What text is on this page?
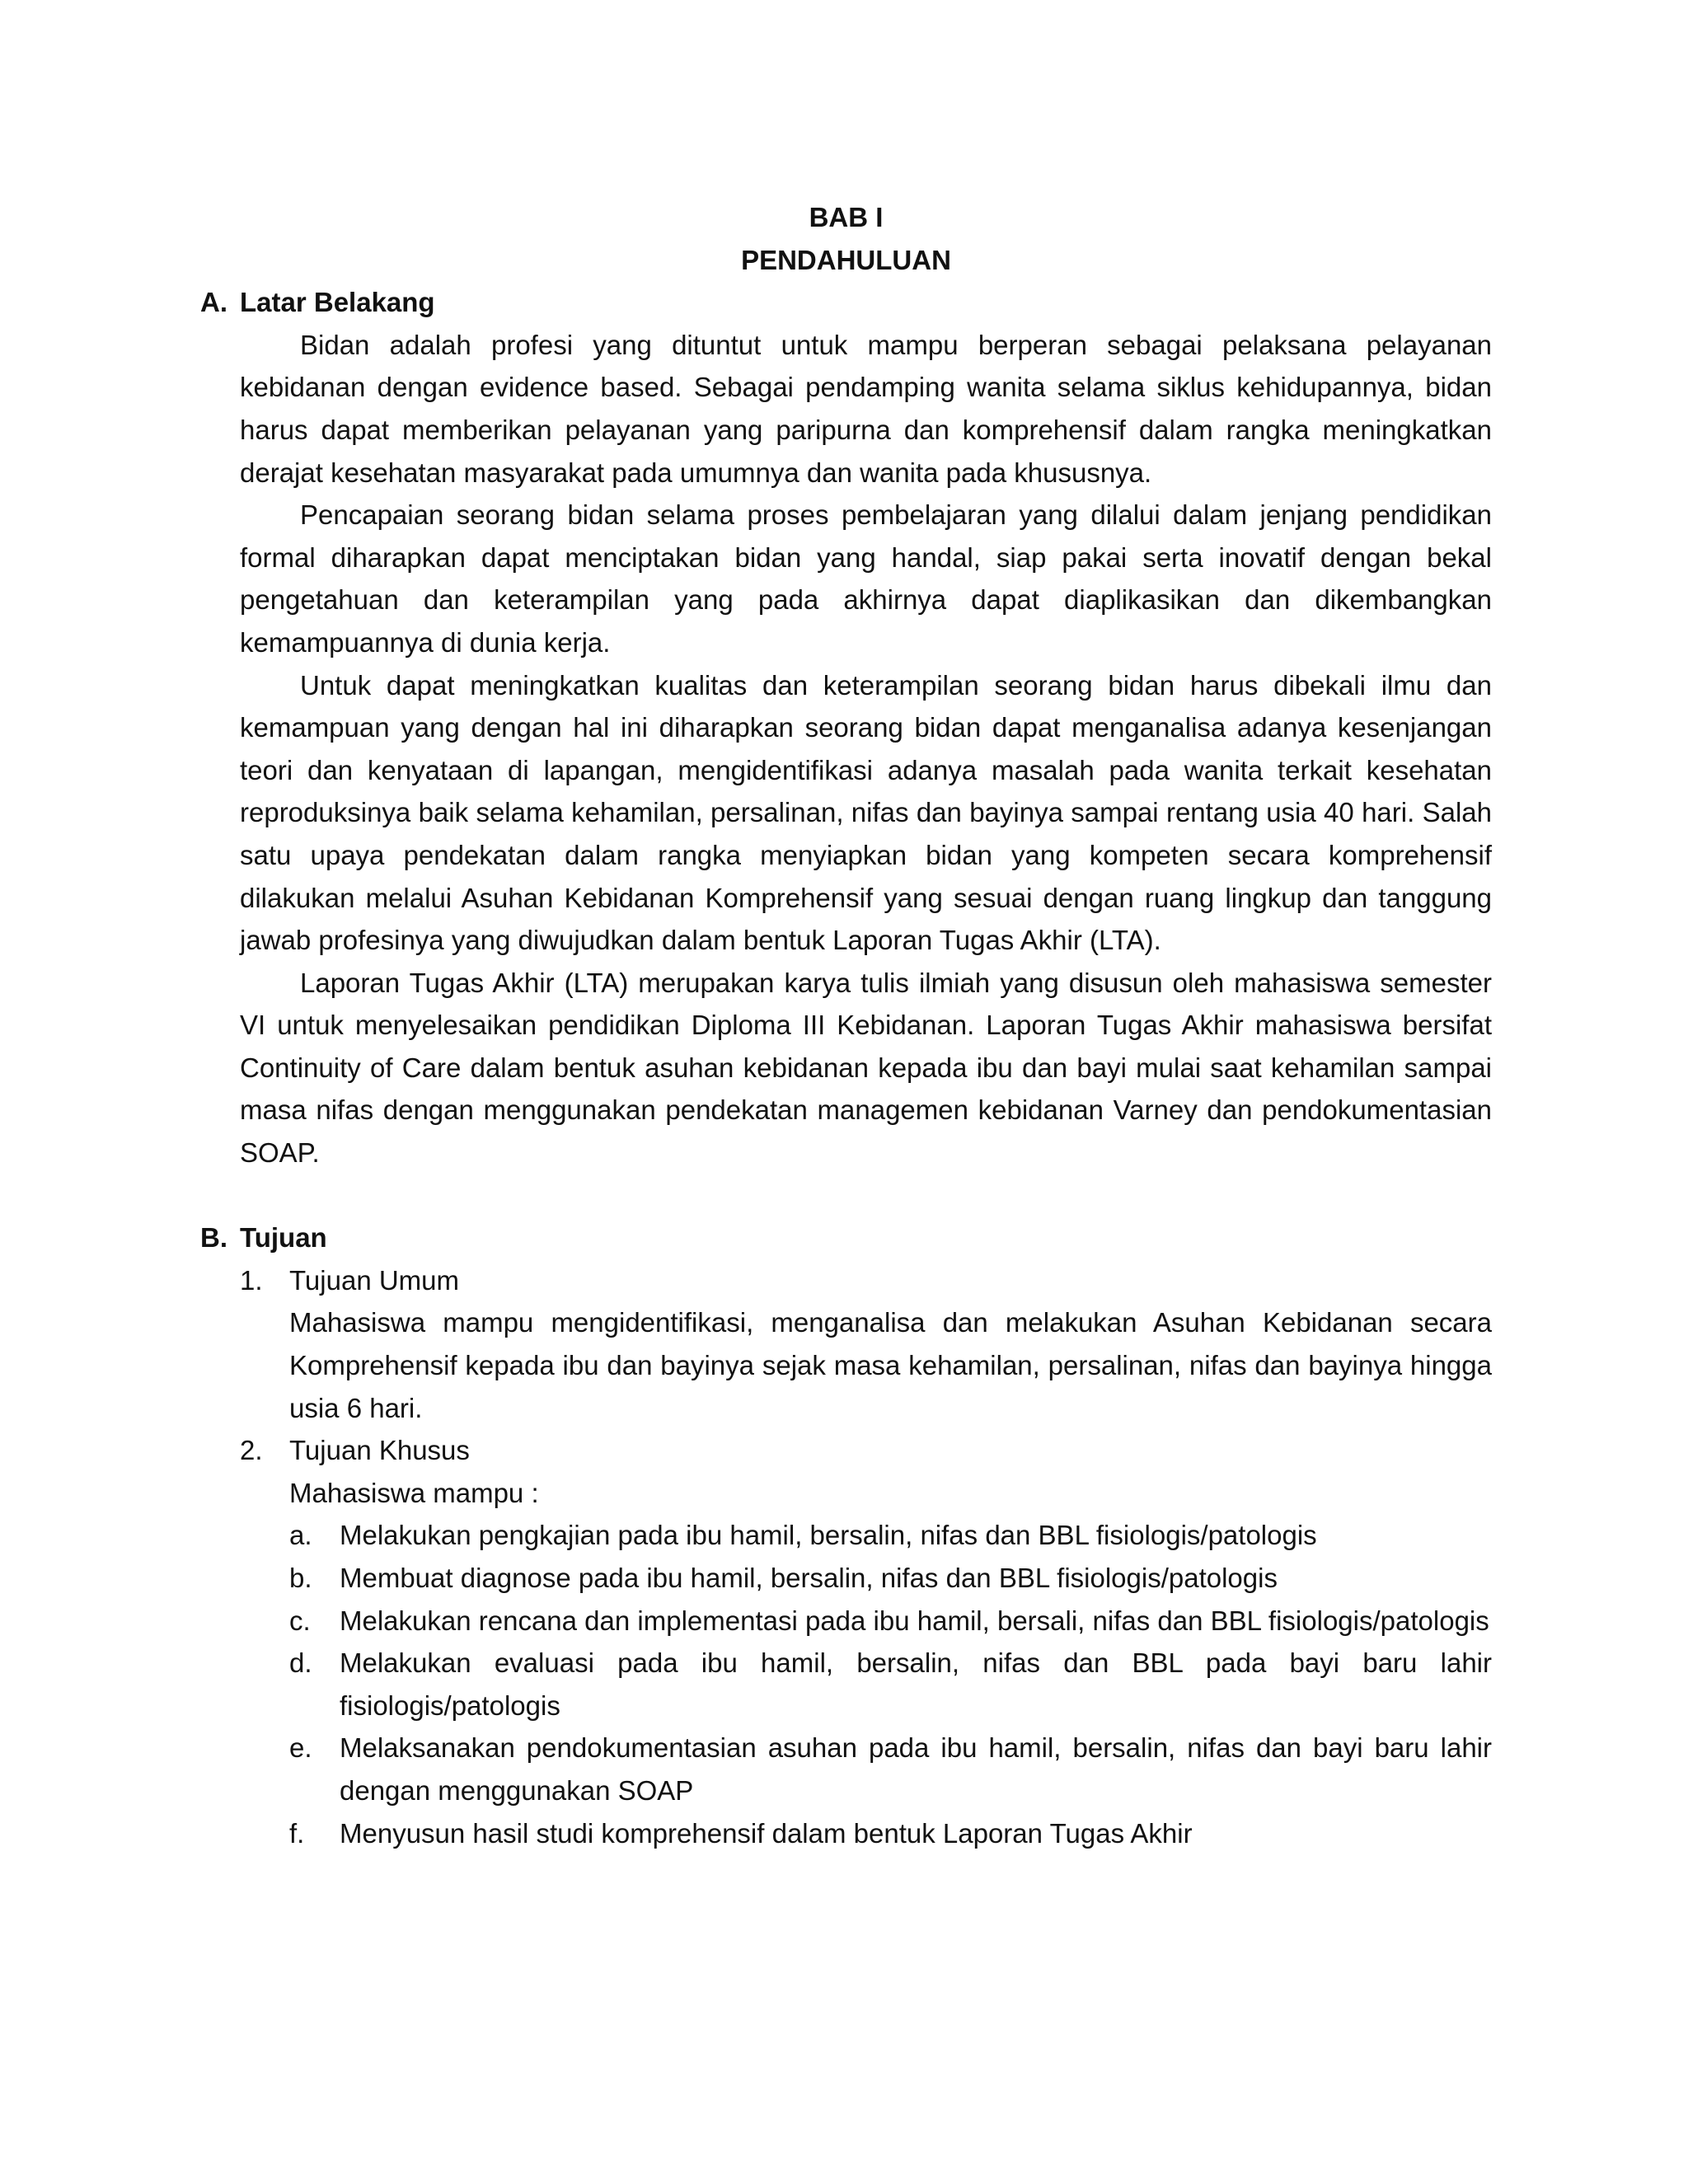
BAB I

PENDAHULUAN

A. Latar Belakang

Bidan adalah profesi yang dituntut untuk mampu berperan sebagai pelaksana pelayanan kebidanan dengan evidence based. Sebagai pendamping wanita selama siklus kehidupannya, bidan harus dapat memberikan pelayanan yang paripurna dan komprehensif dalam rangka meningkatkan derajat kesehatan masyarakat pada umumnya dan wanita pada khususnya.

Pencapaian seorang bidan selama proses pembelajaran yang dilalui dalam jenjang pendidikan formal diharapkan dapat menciptakan bidan yang handal, siap pakai serta inovatif dengan bekal pengetahuan dan keterampilan yang pada akhirnya dapat diaplikasikan dan dikembangkan kemampuannya di dunia kerja.

Untuk dapat meningkatkan kualitas dan keterampilan seorang bidan harus dibekali ilmu dan kemampuan yang dengan hal ini diharapkan seorang bidan dapat menganalisa adanya kesenjangan teori dan kenyataan di lapangan, mengidentifikasi adanya masalah pada wanita terkait kesehatan reproduksinya baik selama kehamilan, persalinan, nifas dan bayinya sampai rentang usia 40 hari. Salah satu upaya pendekatan dalam rangka menyiapkan bidan yang kompeten secara komprehensif dilakukan melalui Asuhan Kebidanan Komprehensif yang sesuai dengan ruang lingkup dan tanggung jawab profesinya yang diwujudkan dalam bentuk Laporan Tugas Akhir (LTA).

Laporan Tugas Akhir (LTA) merupakan karya tulis ilmiah yang disusun oleh mahasiswa semester VI untuk menyelesaikan pendidikan Diploma III Kebidanan. Laporan Tugas Akhir mahasiswa bersifat Continuity of Care dalam bentuk asuhan kebidanan kepada ibu dan bayi mulai saat kehamilan sampai masa nifas dengan menggunakan pendekatan managemen kebidanan Varney dan pendokumentasian SOAP.

B. Tujuan
1. Tujuan Umum

Mahasiswa mampu mengidentifikasi, menganalisa dan melakukan Asuhan Kebidanan secara Komprehensif kepada ibu dan bayinya sejak masa kehamilan, persalinan, nifas dan bayinya hingga usia 6 hari.

2. Tujuan Khusus

Mahasiswa mampu :

a.	Melakukan pengkajian pada ibu hamil, bersalin, nifas dan BBL fisiologis/patologis
b.	Membuat diagnose pada ibu hamil, bersalin, nifas dan BBL fisiologis/patologis
c.	Melakukan rencana dan implementasi pada ibu hamil, bersali, nifas dan BBL fisiologis/patologis
d.	Melakukan evaluasi pada ibu hamil, bersalin, nifas dan BBL pada bayi baru lahir fisiologis/patologis
e.	Melaksanakan pendokumentasian asuhan pada ibu hamil, bersalin, nifas dan bayi baru lahir dengan menggunakan SOAP
f.	Menyusun hasil studi komprehensif dalam bentuk Laporan Tugas Akhir
